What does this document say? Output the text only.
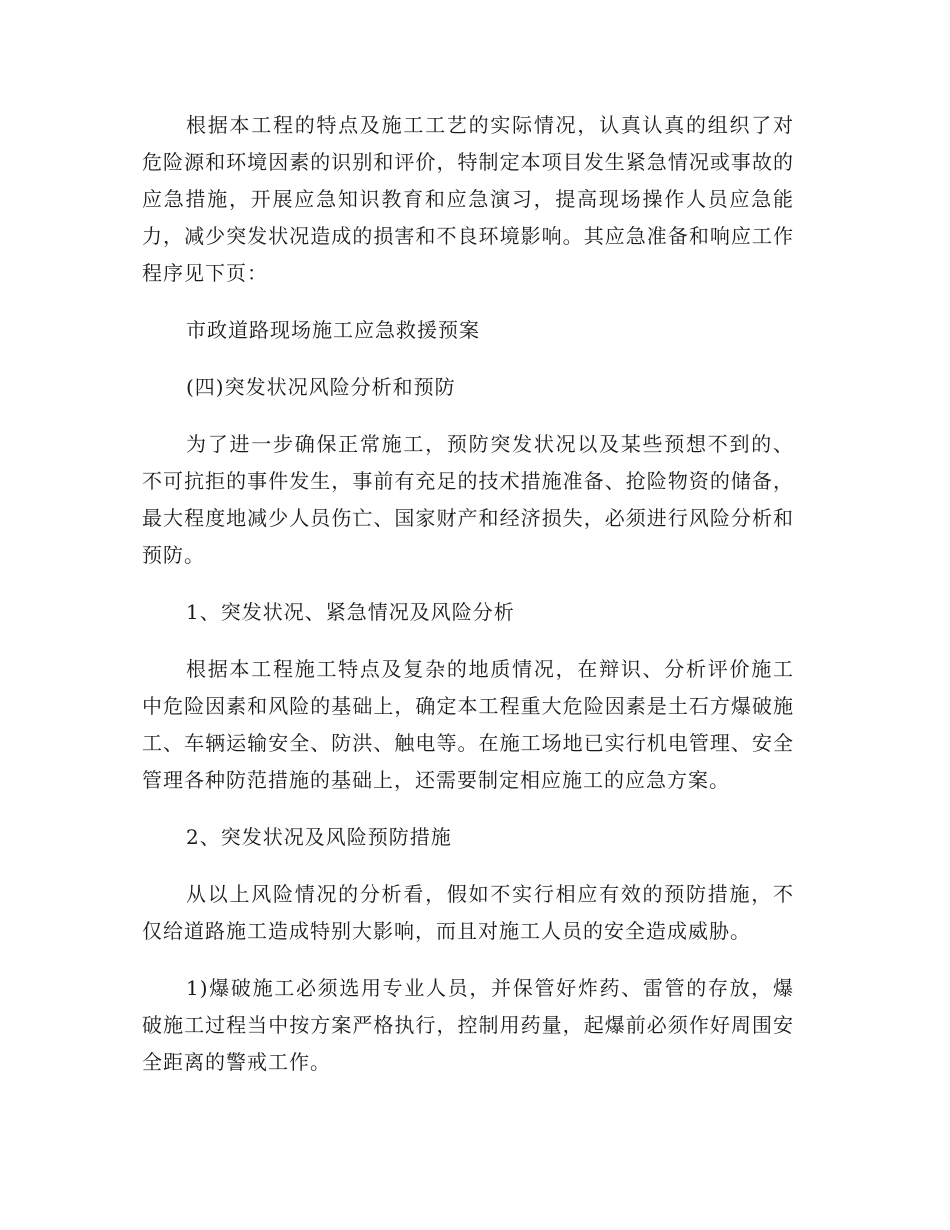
根据本工程的特点及施工工艺的实际情况，认真认真的组织了对危险源和环境因素的识别和评价，特制定本项目发生紧急情况或事故的应急措施，开展应急知识教育和应急演习，提高现场操作人员应急能力，减少突发状况造成的损害和不良环境影响。其应急准备和响应工作程序见下页：

市政道路现场施工应急救援预案

(四)突发状况风险分析和预防

为了进一步确保正常施工，预防突发状况以及某些预想不到的、不可抗拒的事件发生，事前有充足的技术措施准备、抢险物资的储备，最大程度地减少人员伤亡、国家财产和经济损失，必须进行风险分析和预防。

1、突发状况、紧急情况及风险分析

根据本工程施工特点及复杂的地质情况，在辩识、分析评价施工中危险因素和风险的基础上，确定本工程重大危险因素是土石方爆破施工、车辆运输安全、防洪、触电等。在施工场地已实行机电管理、安全管理各种防范措施的基础上，还需要制定相应施工的应急方案。

2、突发状况及风险预防措施

从以上风险情况的分析看，假如不实行相应有效的预防措施，不仅给道路施工造成特别大影响，而且对施工人员的安全造成威胁。

1)爆破施工必须选用专业人员，并保管好炸药、雷管的存放，爆破施工过程当中按方案严格执行，控制用药量，起爆前必须作好周围安全距离的警戒工作。
